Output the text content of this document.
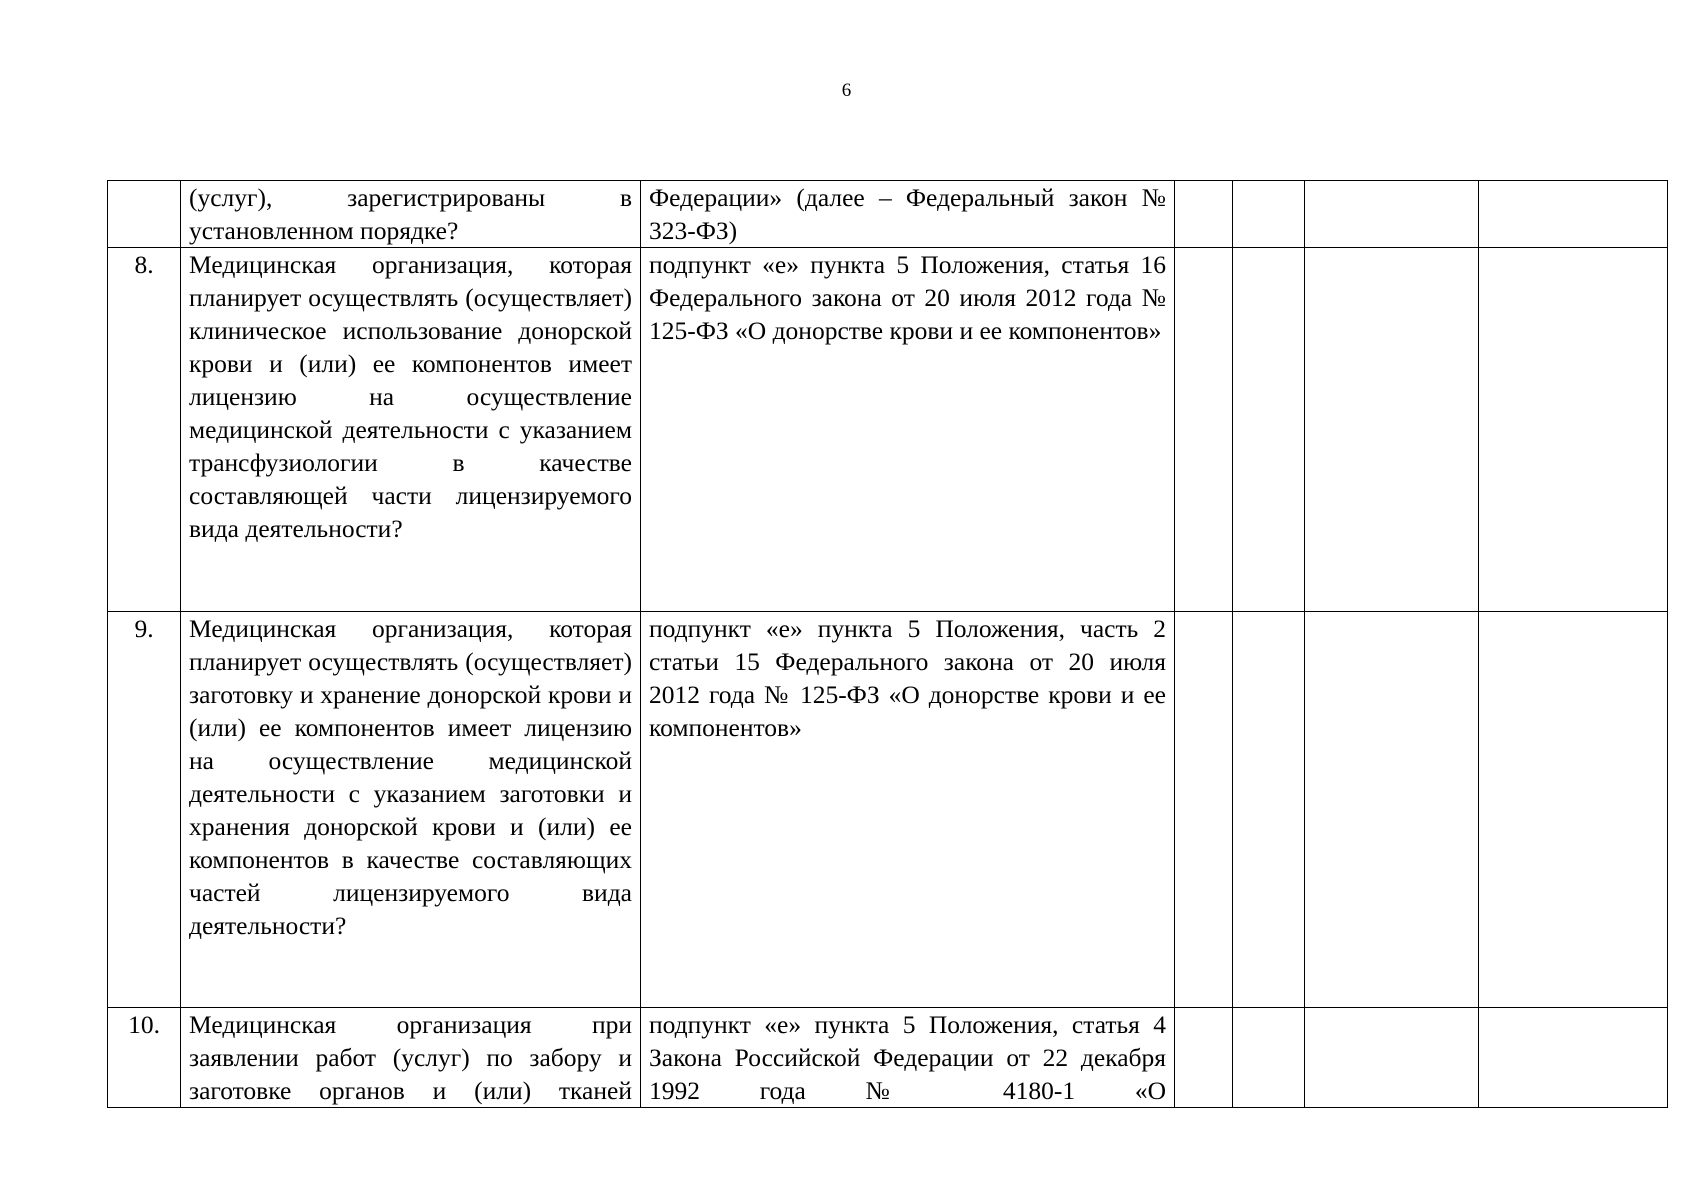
6
	(услуг), зарегистрированы в установленном порядке?	Федерации» (далее – Федеральный закон № 323-ФЗ)				
8.	Медицинская организация, которая планирует осуществлять (осуществляет) клиническое использование донорской крови и (или) ее компонентов имеет лицензию на осуществление медицинской деятельности с указанием трансфузиологии в качестве составляющей части лицензируемого вида деятельности?	подпункт «е» пункта 5 Положения, статья 16 Федерального закона от 20 июля 2012 года № 125-ФЗ «О донорстве крови и ее компонентов»				
9.	Медицинская организация, которая планирует осуществлять (осуществляет) заготовку и хранение донорской крови и (или) ее компонентов имеет лицензию на осуществление медицинской деятельности с указанием заготовки и хранения донорской крови и (или) ее компонентов в качестве составляющих частей лицензируемого вида деятельности?	подпункт «е» пункта 5 Положения, часть 2 статьи 15 Федерального закона от 20 июля 2012 года № 125-ФЗ «О донорстве крови и ее компонентов»				
10.	Медицинская организация при заявлении работ (услуг) по забору и заготовке органов и (или) тканей	подпункт «е» пункта 5 Положения, статья 4 Закона Российской Федерации от 22 декабря 1992 года № 4180-1 «О				
